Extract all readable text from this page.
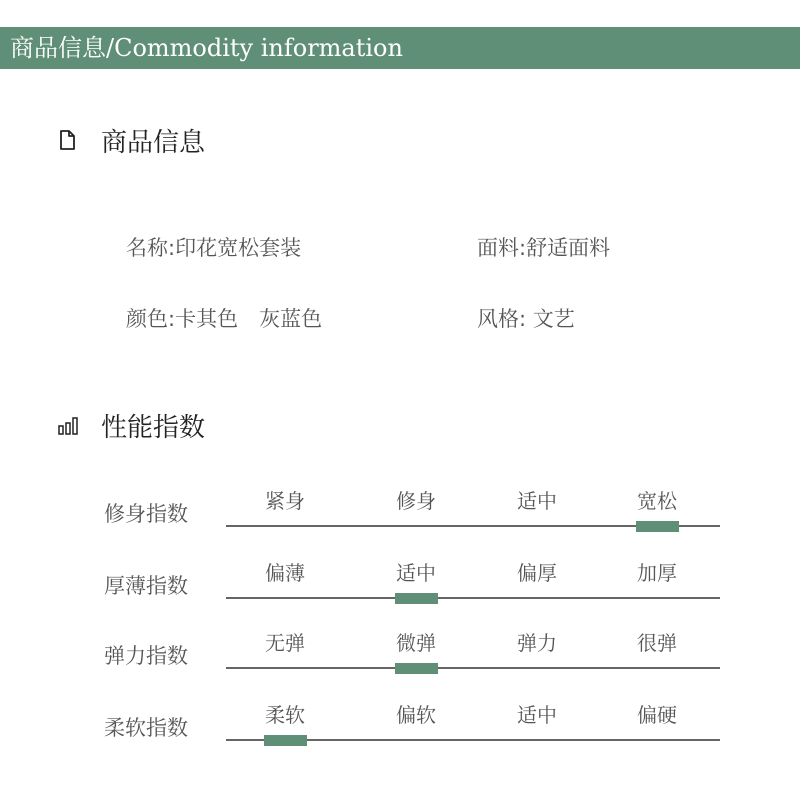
商品信息/Commodity information
商品信息
名称:印花宽松套装	面料:舒适面料
颜色:卡其色　灰蓝色	风格: 文艺
性能指数
修身指数
紧身	修身	适中	宽松
厚薄指数
偏薄	适中	偏厚	加厚
弹力指数
无弹	微弹	弹力	很弹
柔软指数
柔软	偏软	适中	偏硬
